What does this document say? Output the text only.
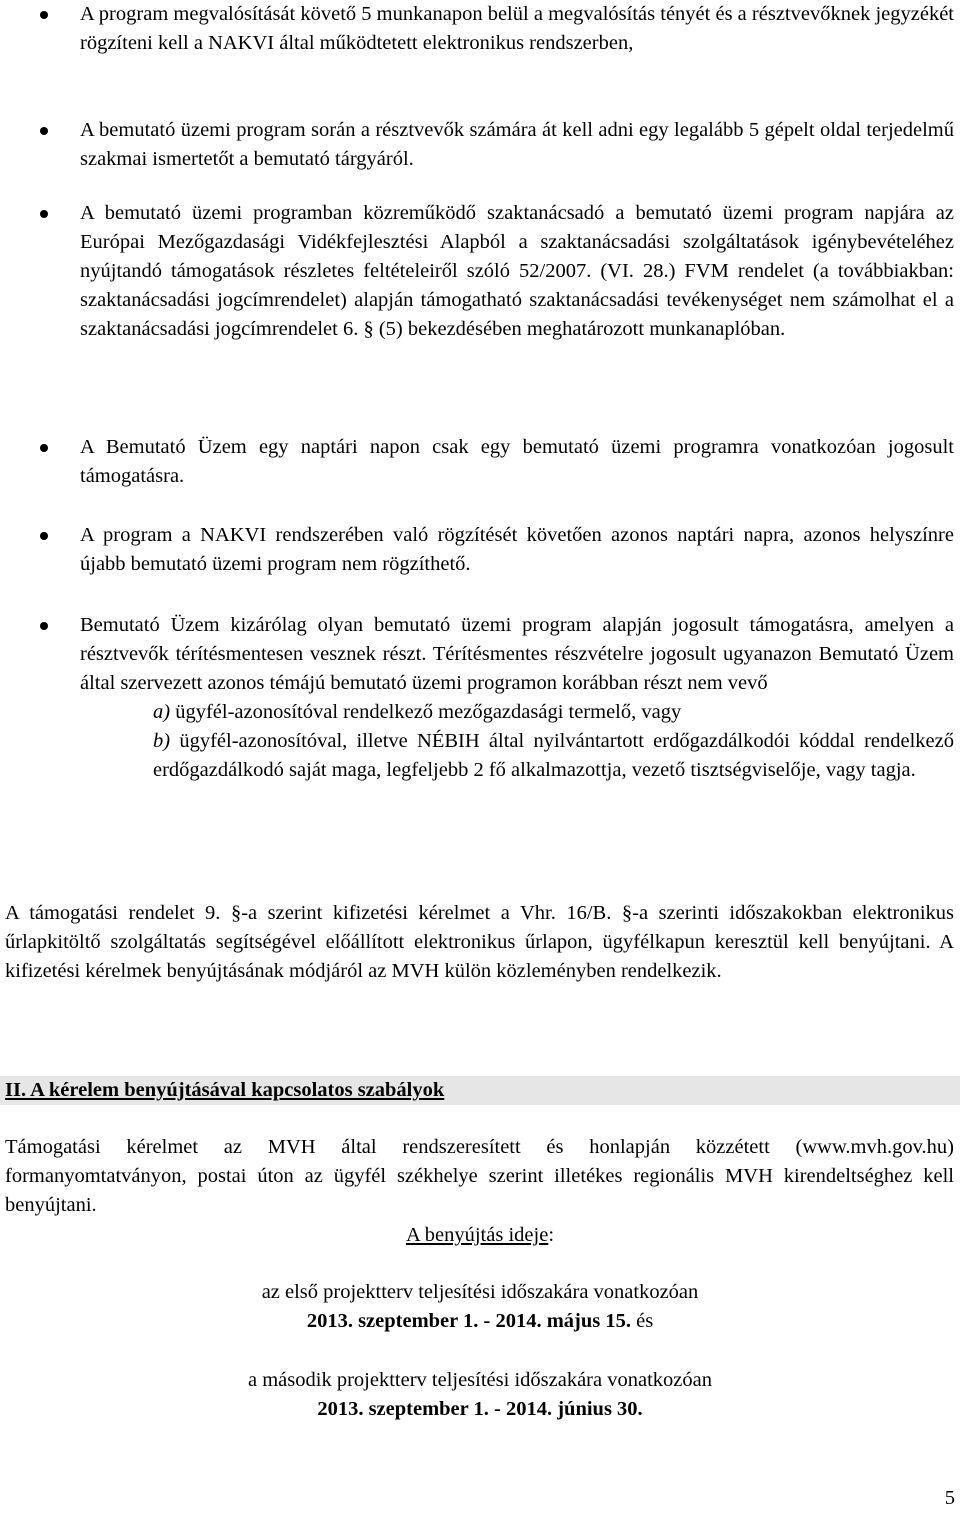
A program megvalósítását követő 5 munkanapon belül a megvalósítás tényét és a résztvevőknek jegyzékét rögzíteni kell a NAKVI által működtetett elektronikus rendszerben,
A bemutató üzemi program során a résztvevők számára át kell adni egy legalább 5 gépelt oldal terjedelmű szakmai ismertetőt a bemutató tárgyáról.
A bemutató üzemi programban közreműködő szaktanácsadó a bemutató üzemi program napjára az Európai Mezőgazdasági Vidékfejlesztési Alapból a szaktanácsadási szolgáltatások igénybevételéhez nyújtandó támogatások részletes feltételeiről szóló 52/2007. (VI. 28.) FVM rendelet (a továbbiakban: szaktanácsadási jogcímrendelet) alapján támogatható szaktanácsadási tevékenységet nem számolhat el a szaktanácsadási jogcímrendelet 6. § (5) bekezdésében meghatározott munkanaplóban.
A Bemutató Üzem egy naptári napon csak egy bemutató üzemi programra vonatkozóan jogosult támogatásra.
A program a NAKVI rendszerében való rögzítését követően azonos naptári napra, azonos helyszínre újabb bemutató üzemi program nem rögzíthető.
Bemutató Üzem kizárólag olyan bemutató üzemi program alapján jogosult támogatásra, amelyen a résztvevők térítésmentesen vesznek részt. Térítésmentes részvételre jogosult ugyanazon Bemutató Üzem által szervezett azonos témájú bemutató üzemi programon korábban részt nem vevő
a) ügyfél-azonosítóval rendelkező mezőgazdasági termelő, vagy
b) ügyfél-azonosítóval, illetve NÉBIH által nyilvántartott erdőgazdálkodói kóddal rendelkező erdőgazdálkodó saját maga, legfeljebb 2 fő alkalmazottja, vezető tisztségviselője, vagy tagja.

A támogatási rendelet 9. §-a szerint kifizetési kérelmet a Vhr. 16/B. §-a szerinti időszakokban elektronikus űrlapkitöltő szolgáltatás segítségével előállított elektronikus űrlapon, ügyfélkapun keresztül kell benyújtani. A kifizetési kérelmek benyújtásának módjáról az MVH külön közleményben rendelkezik.

II. A kérelem benyújtásával kapcsolatos szabályok

Támogatási kérelmet az MVH által rendszeresített és honlapján közzétett (www.mvh.gov.hu) formanyomtatványon, postai úton az ügyfél székhelye szerint illetékes regionális MVH kirendeltséghez kell benyújtani.

A benyújtás ideje:

az első projektterv teljesítési időszakára vonatkozóan

2013. szeptember 1. - 2014. május 15. és

a második projektterv teljesítési időszakára vonatkozóan

2013. szeptember 1. - 2014. június 30.

5
